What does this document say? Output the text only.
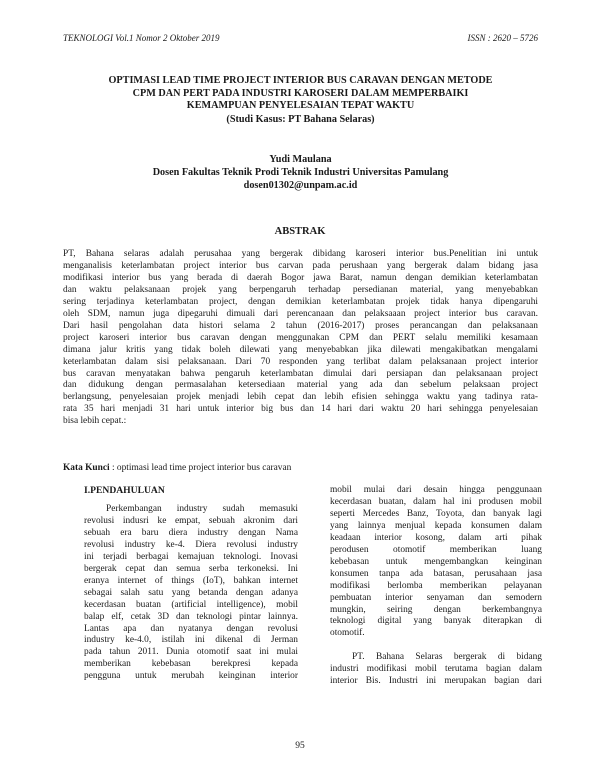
TEKNOLOGI Vol.1 Nomor 2 Oktober 2019	ISSN : 2620 – 5726
OPTIMASI LEAD TIME PROJECT INTERIOR BUS CARAVAN DENGAN METODE
CPM DAN PERT PADA INDUSTRI KAROSERI DALAM MEMPERBAIKI
KEMAMPUAN PENYELESAIAN TEPAT WAKTU
(Studi Kasus: PT Bahana Selaras)
Yudi Maulana
Dosen Fakultas Teknik Prodi Teknik Industri Universitas Pamulang
dosen01302@unpam.ac.id
ABSTRAK
PT, Bahana selaras adalah perusahaa yang bergerak dibidang karoseri interior bus.Penelitian ini untuk
menganalisis keterlambatan project interior bus carvan pada perushaan yang bergerak dalam bidang jasa
modifikasi interior bus yang berada di daerah Bogor jawa Barat, namun dengan demikian keterlambatan
dan waktu pelaksanaan projek yang berpengaruh terhadap persedianan material, yang menyebabkan
sering terjadinya keterlambatan project, dengan demikian keterlambatan projek tidak hanya dipengaruhi
oleh SDM, namun juga dipegaruhi dimuali dari perencanaan dan pelaksaaan project interior bus caravan.
Dari hasil pengolahan data histori selama 2 tahun (2016-2017) proses perancangan dan pelaksanaan
project karoseri interior bus caravan dengan menggunakan CPM dan PERT selalu memiliki kesamaan
dimana jalur kritis yang tidak boleh dilewati yang menyebabkan jika dilewati mengakibatkan mengalami
keterlambatan dalam sisi pelaksanaan. Dari 70 responden yang terlibat dalam pelaksanaan project interior
bus caravan menyatakan bahwa pengaruh keterlambatan dimulai dari persiapan dan pelaksanaan project
dan didukung dengan permasalahan ketersediaan material yang ada dan sebelum pelaksaan project
berlangsung, penyelesaian projek menjadi lebih cepat dan lebih efisien sehingga waktu yang tadinya rata-
rata 35 hari menjadi 31 hari untuk interior big bus dan 14 hari dari waktu 20 hari sehingga penyelesaian
bisa lebih cepat.:
Kata Kunci : optimasi lead time project interior bus caravan
I.PENDAHULUAN
Perkembangan industry sudah memasuki
revolusi indusri ke empat, sebuah akronim dari
sebuah era baru diera industry dengan Nama
revolusi industry ke-4. Diera revolusi industry
ini terjadi berbagai kemajuan teknologi. Inovasi
bergerak cepat dan semua serba terkoneksi. Ini
eranya internet of things (IoT), bahkan internet
sebagai salah satu yang betanda dengan adanya
kecerdasan buatan (artificial intelligence), mobil
balap elf, cetak 3D dan teknologi pintar lainnya.
Lantas apa dan nyatanya dengan revolusi
industry ke-4.0, istilah ini dikenal di Jerman
pada tahun 2011. Dunia otomotif saat ini mulai
memberikan kebebasan berekpresi kepada
pengguna untuk merubah keinginan interior
mobil mulai dari desain hingga penggunaan
kecerdasan buatan, dalam hal ini produsen mobil
seperti Mercedes Banz, Toyota, dan banyak lagi
yang lainnya menjual kepada konsumen dalam
keadaan interior kosong, dalam arti pihak
perodusen otomotif memberikan luang
kebebasan untuk mengembangkan keinginan
konsumen tanpa ada batasan, perusahaan jasa
modifikasi berlomba memberikan pelayanan
pembuatan interior senyaman dan semodern
mungkin, seiring dengan berkembangnya
teknologi digital yang banyak diterapkan di
otomotif.
PT. Bahana Selaras bergerak di bidang
industri modifikasi mobil terutama bagian dalam
interior Bis. Industri ini merupakan bagian dari
95
